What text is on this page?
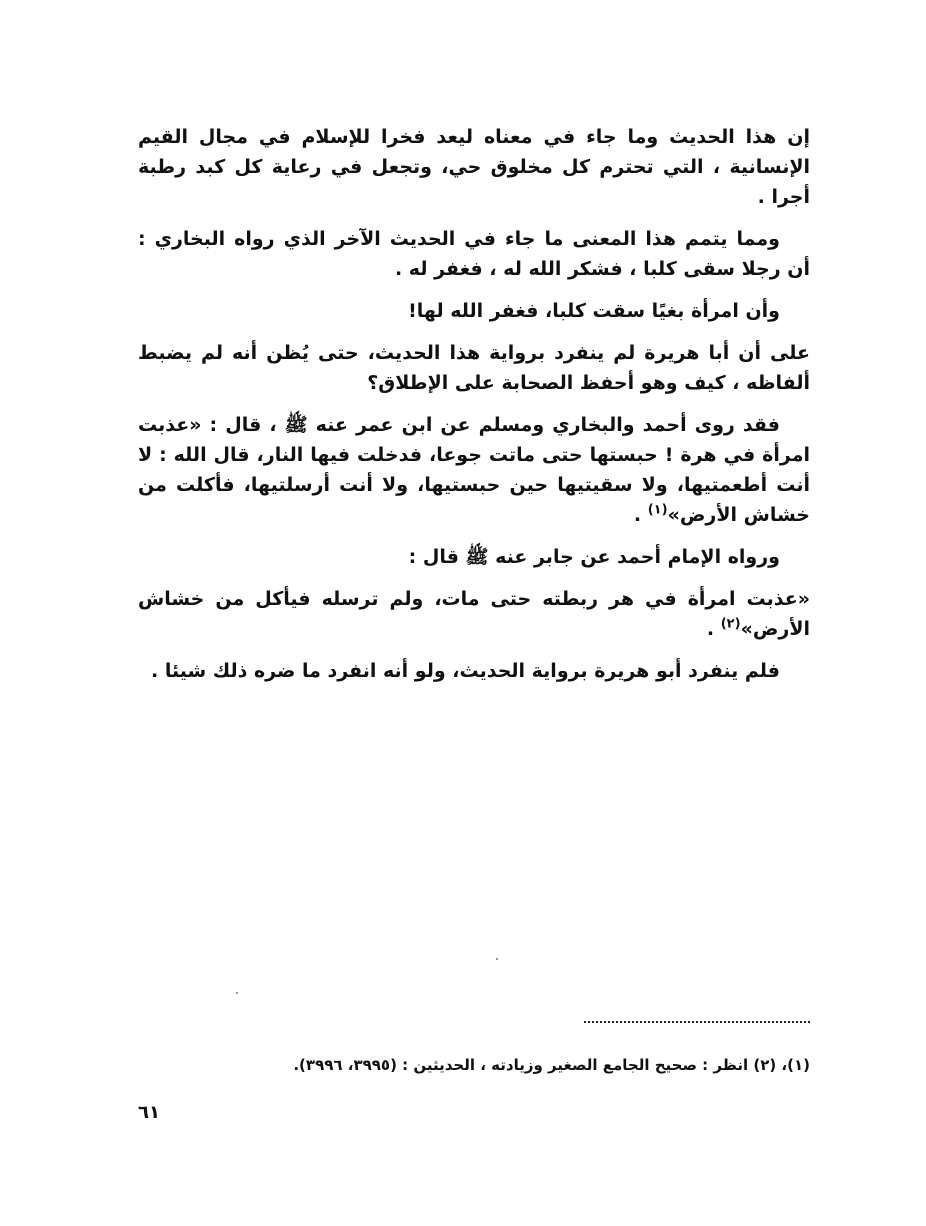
إن هذا الحديث وما جاء في معناه ليعد فخرا للإسلام في مجال القيم الإنسانية ، التي تحترم كل مخلوق حي، وتجعل في رعاية كل كبد رطبة أجرا .

ومما يتمم هذا المعنى ما جاء في الحديث الآخر الذي رواه البخاري : أن رجلا سقى كلبا ، فشكر الله له ، فغفر له .

وأن امرأة بغيًا سقت كلبا، فغفر الله لها!

على أن أبا هريرة لم ينفرد برواية هذا الحديث، حتى يُظن أنه لم يضبط ألفاظه ، كيف وهو أحفظ الصحابة على الإطلاق؟

فقد روى أحمد والبخاري ومسلم عن ابن عمر عنه ﷺ ، قال : «عذبت امرأة في هرة ! حبستها حتى ماتت جوعا، فدخلت فيها النار، قال الله : لا أنت أطعمتيها، ولا سقيتيها حين حبستيها، ولا أنت أرسلتيها، فأكلت من خشاش الأرض»$^{(١)}$ .

ورواه الإمام أحمد عن جابر عنه ﷺ قال :

«عذبت امرأة في هر ربطته حتى مات، ولم ترسله فيأكل من خشاش الأرض»$^{(٢)}$ .

فلم ينفرد أبو هريرة برواية الحديث، ولو أنه انفرد ما ضره ذلك شيئا .

(١)، (٢) انظر : صحيح الجامع الصغير وزيادته ، الحديثين : (٣٩٩٥، ٣٩٩٦).
٦١
